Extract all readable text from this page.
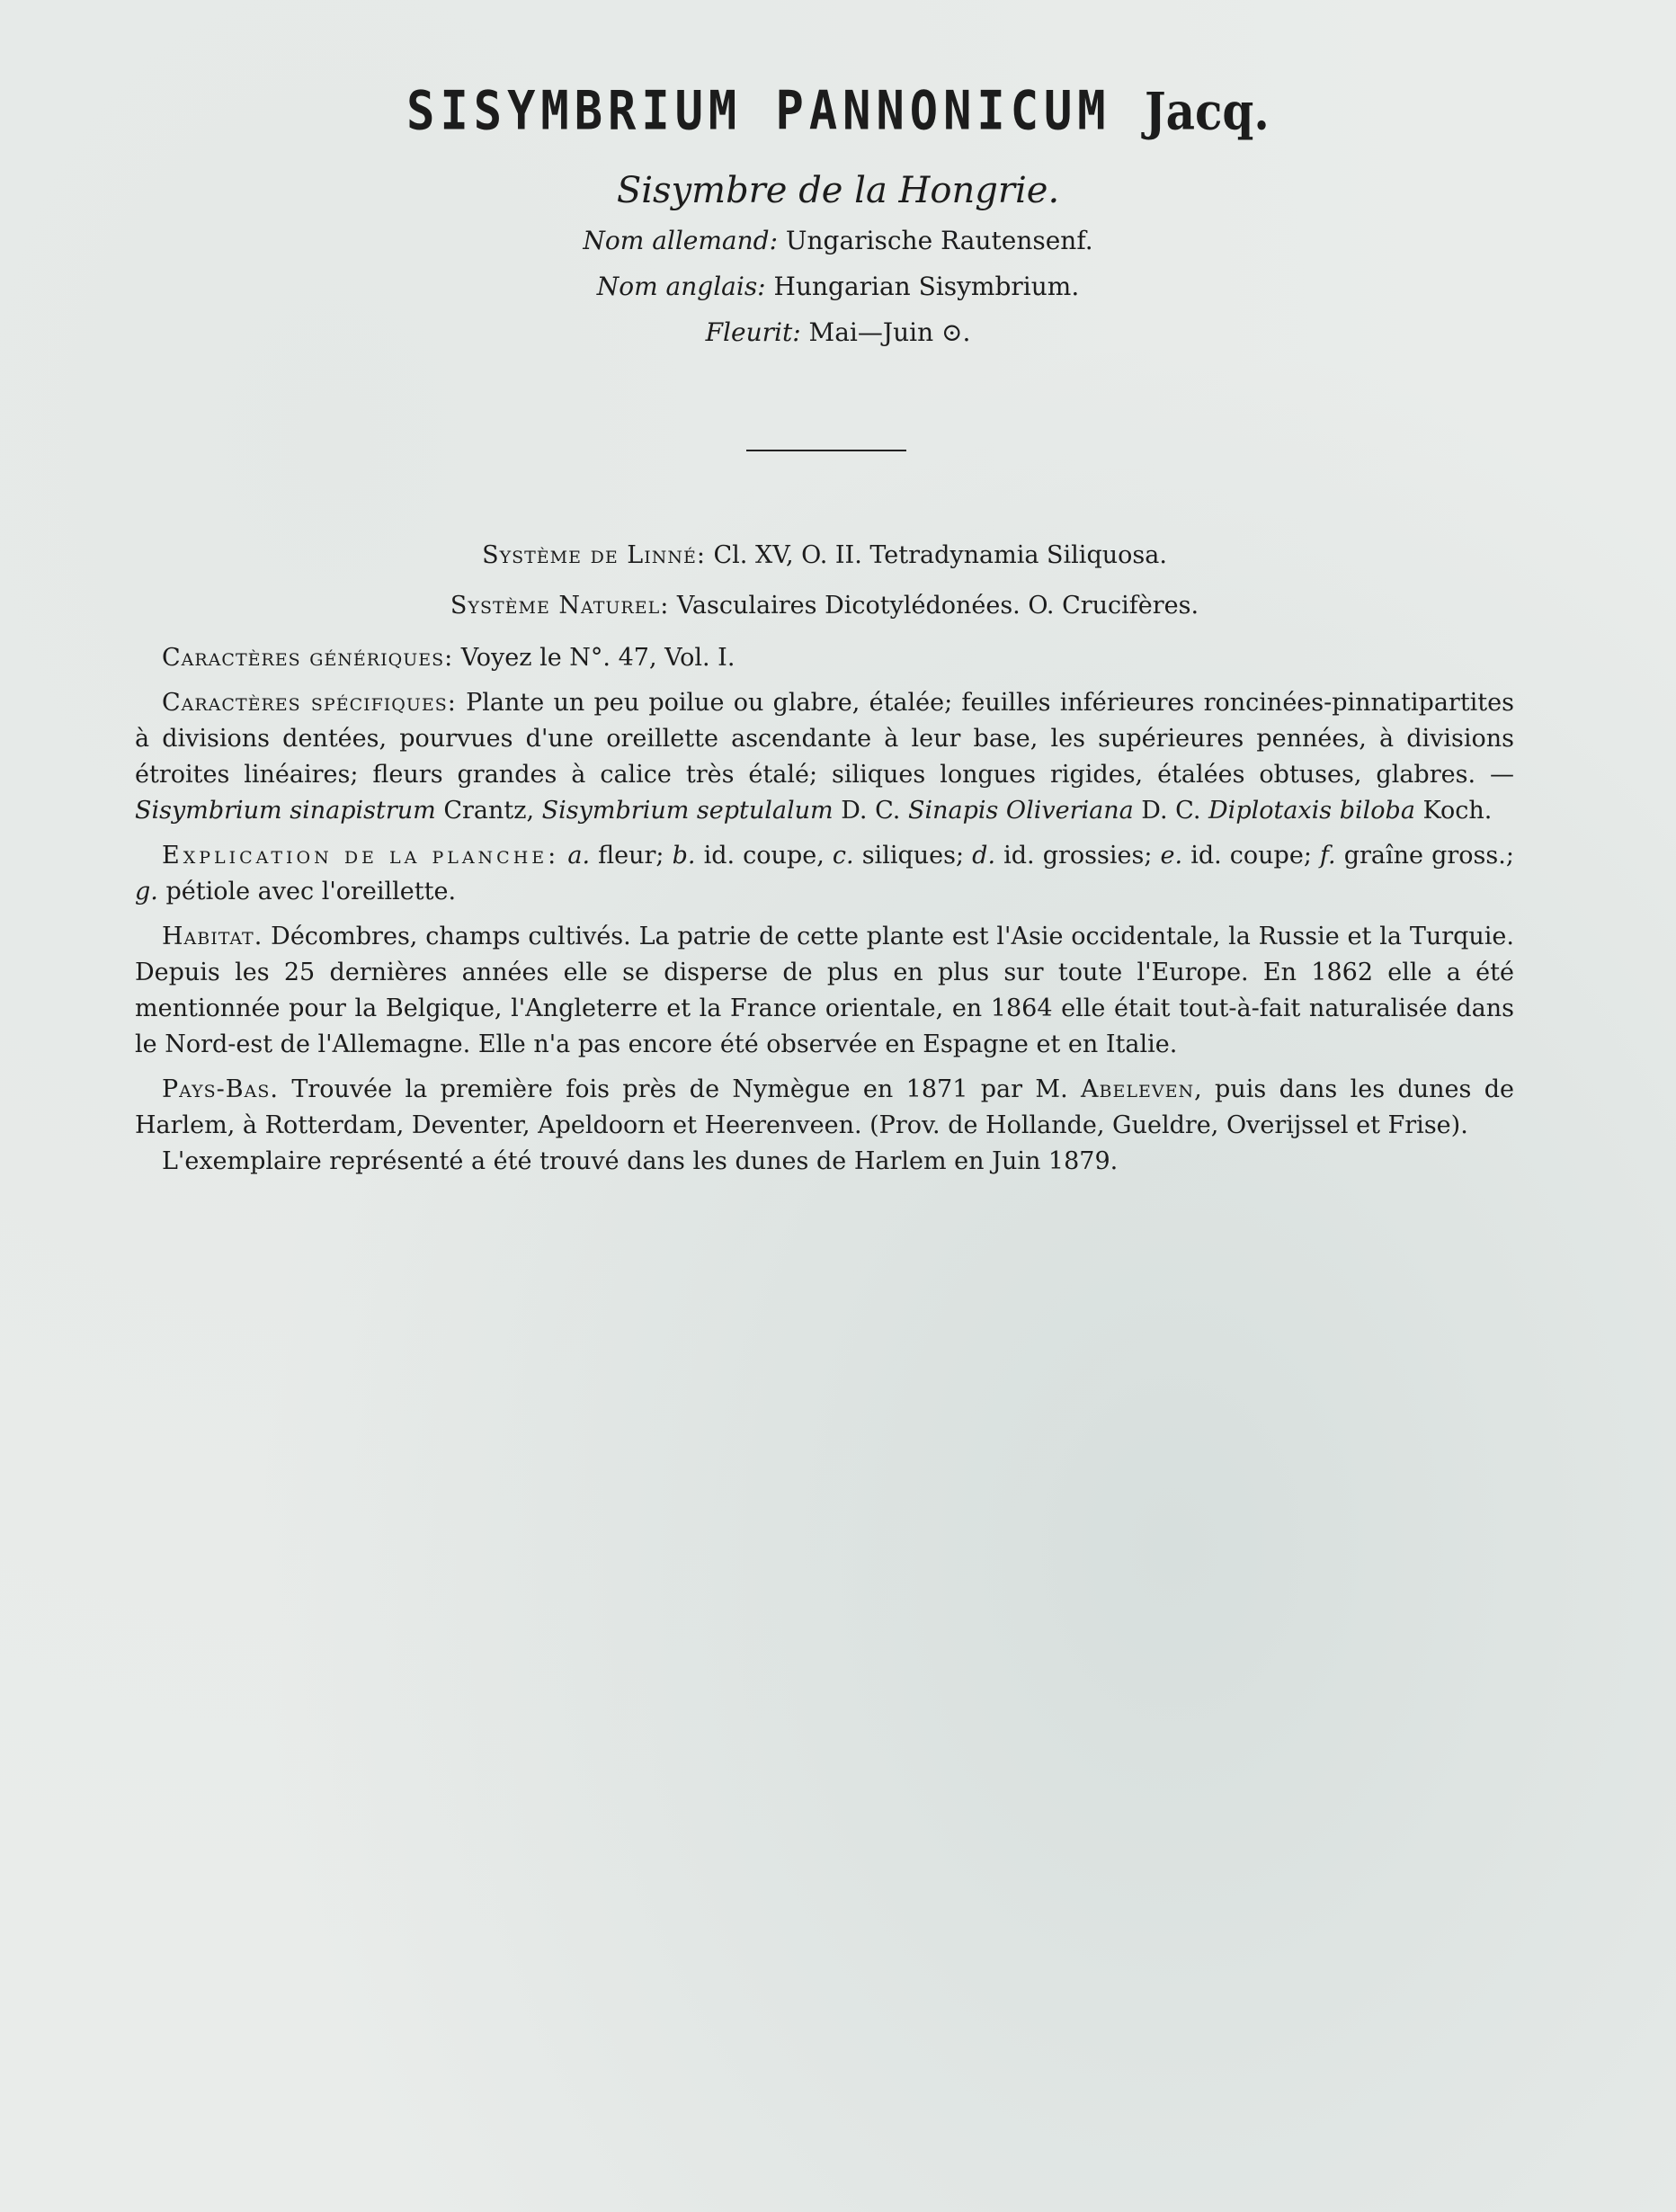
SISYMBRIUM PANNONICUM Jacq.

Sisymbre de la Hongrie.

Nom allemand: Ungarische Rautensenf.

Nom anglais: Hungarian Sisymbrium.

Fleurit: Mai—Juin ⊙.

Système de Linné: Cl. XV, O. II. Tetradynamia Siliquosa.

Système Naturel: Vasculaires Dicotylédonées. O. Crucifères.

Caractères génériques: Voyez le N°. 47, Vol. I.

Caractères spécifiques: Plante un peu poilue ou glabre, étalée; feuilles inférieures roncinées-pinnatipartites à divisions dentées, pourvues d'une oreillette ascendante à leur base, les supérieures pennées, à divisions étroites linéaires; fleurs grandes à calice très étalé; siliques longues rigides, étalées obtuses, glabres. — Sisymbrium sinapistrum Crantz, Sisymbrium septulalum D. C. Sinapis Oliveriana D. C. Diplotaxis biloba Koch.

Explication de la planche: a. fleur; b. id. coupe, c. siliques; d. id. grossies; e. id. coupe; f. graîne gross.; g. pétiole avec l'oreillette.

Habitat. Décombres, champs cultivés. La patrie de cette plante est l'Asie occidentale, la Russie et la Turquie. Depuis les 25 dernières années elle se disperse de plus en plus sur toute l'Europe. En 1862 elle a été mentionnée pour la Belgique, l'Angleterre et la France orientale, en 1864 elle était tout-à-fait naturalisée dans le Nord-est de l'Allemagne. Elle n'a pas encore été observée en Espagne et en Italie.

Pays-Bas. Trouvée la première fois près de Nymègue en 1871 par M. Abeleven, puis dans les dunes de Harlem, à Rotterdam, Deventer, Apeldoorn et Heerenveen. (Prov. de Hollande, Gueldre, Overijssel et Frise).

L'exemplaire représenté a été trouvé dans les dunes de Harlem en Juin 1879.
